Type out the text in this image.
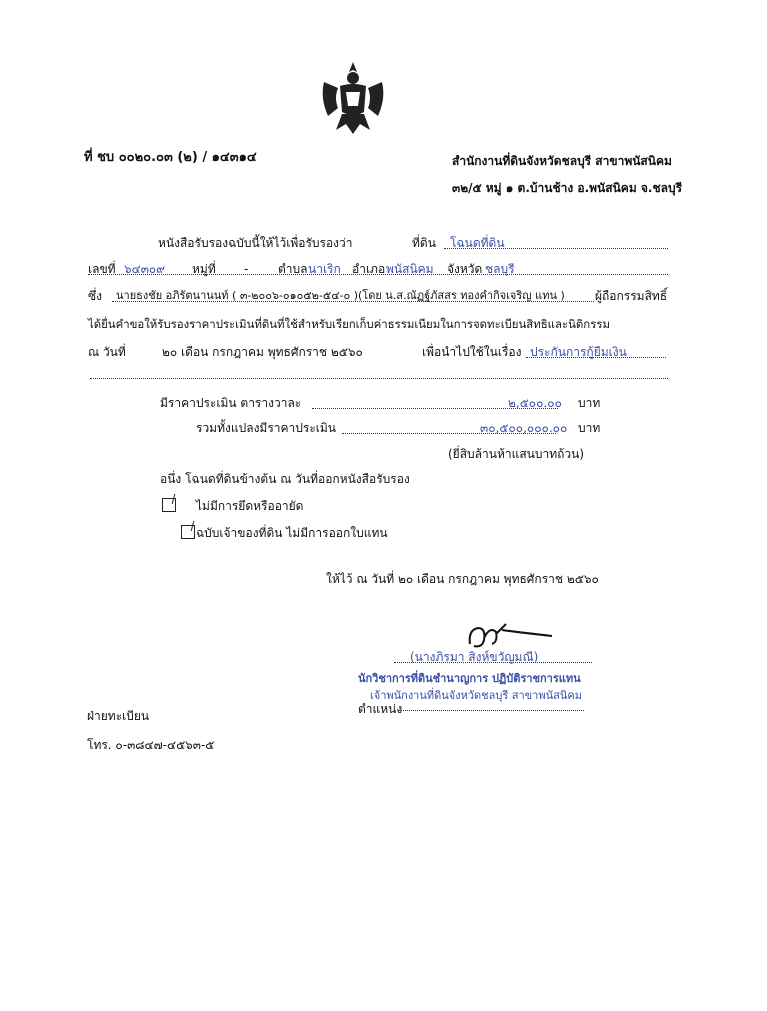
ที่ ชบ ๐๐๒๐.๐๓ (๒) / ๑๔๓๑๔	สำนักงานที่ดินจังหวัดชลบุรี สาขาพนัสนิคม
๓๒/๕ หมู่ ๑ ต.บ้านช้าง อ.พนัสนิคม จ.ชลบุรี
หนังสือรับรองฉบับนี้ให้ไว้เพื่อรับรองว่า	ที่ดิน โฉนดที่ดิน
เลขที่ ๖๔๓๐๙ หมู่ที่ - ตำบล นาเริก อำเภอ พนัสนิคม จังหวัด ชลบุรี
ซึ่ง นายธงชัย อภิรัตนานนท์ ( ๓-๒๐๐๖-๐๑๐๕๒-๕๔-๐ )(โดย น.ส.ณัฏฐ์ภัสสร ทองคำกิจเจริญ แทน )	ผู้ถือกรรมสิทธิ์
ได้ยื่นคำขอให้รับรองราคาประเมินที่ดินที่ใช้สำหรับเรียกเก็บค่าธรรมเนียมในการจดทะเบียนสิทธิและนิติกรรม
ณ วันที่	๒๐ เดือน กรกฎาคม พุทธศักราช ๒๕๖๐	เพื่อนำไปใช้ในเรื่อง ประกันการกู้ยืมเงิน
มีราคาประเมิน ตารางวาละ	๒,๕๐๐.๐๐ บาท
รวมทั้งแปลงมีราคาประเมิน	๓๐,๕๐๐,๐๐๐.๐๐ บาท
(ยี่สิบล้านห้าแสนบาทถ้วน)
อนึ่ง โฉนดที่ดินข้างต้น ณ วันที่ออกหนังสือรับรอง

ไม่มีการยึดหรืออายัด
ฉบับเจ้าของที่ดิน ไม่มีการออกใบแทน
ให้ไว้ ณ วันที่ ๒๐ เดือน กรกฎาคม พุทธศักราช ๒๕๖๐
(นางภิรมา สิงห์ขวัญมณี)
นักวิชาการที่ดินชำนาญการ ปฏิบัติราชการแทน
เจ้าพนักงานที่ดินจังหวัดชลบุรี สาขาพนัสนิคม
ตำแหน่ง
ฝ่ายทะเบียน
โทร. ๐-๓๘๔๗-๔๕๖๓-๕
